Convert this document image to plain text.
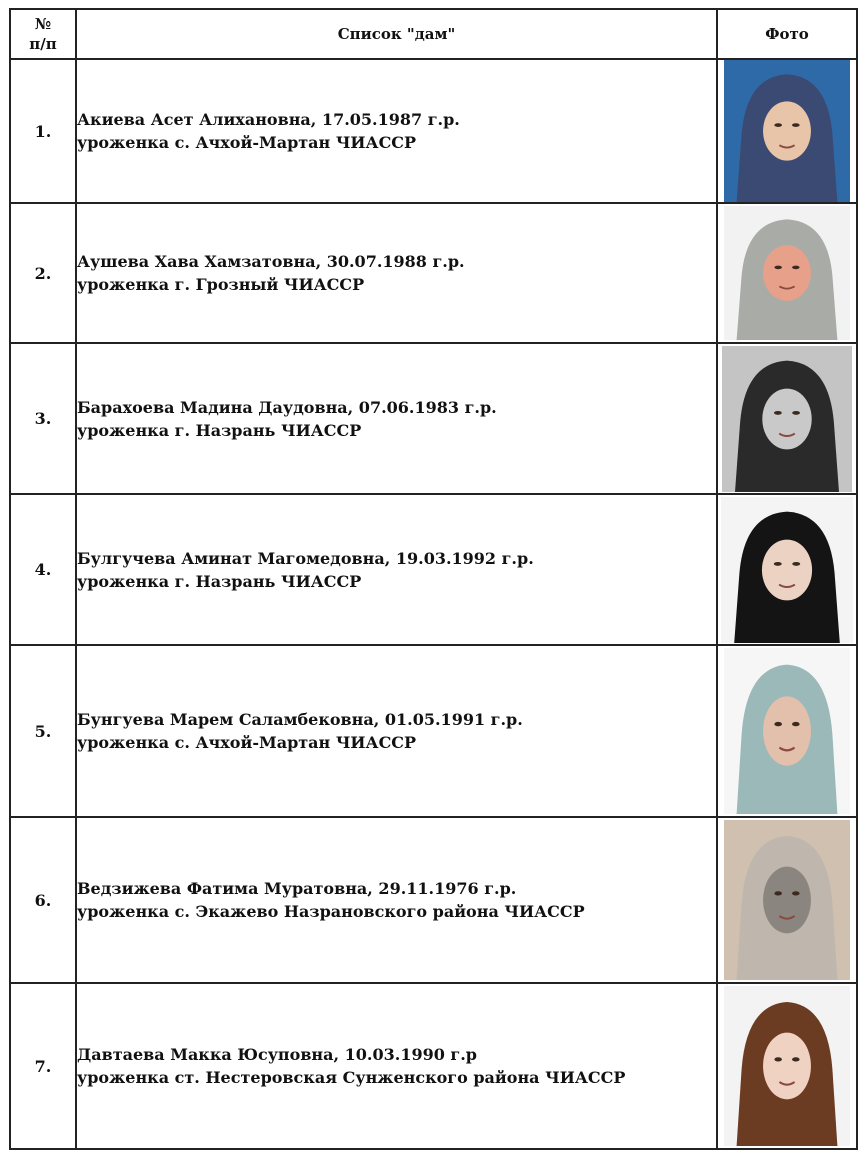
№
п/п	Список "дам"	Фото
1.	Акиева Асет Алихановна, 17.05.1987 г.р.
уроженка с. Ачхой-Мартан ЧИАССР

2.	Аушева Хава Хамзатовна, 30.07.1988 г.р.
уроженка г. Грозный ЧИАССР

3.	Барахоева Мадина Даудовна, 07.06.1983 г.р.
уроженка г. Назрань ЧИАССР

4.	Булгучева Аминат Магомедовна, 19.03.1992 г.р.
уроженка г. Назрань ЧИАССР

5.	Бунгуева Марем Саламбековна, 01.05.1991 г.р.
уроженка с. Ачхой-Мартан ЧИАССР

6.	Ведзижева Фатима Муратовна, 29.11.1976 г.р.
уроженка с. Экажево Назрановского района ЧИАССР

7.	Давтаева Макка Юсуповна, 10.03.1990 г.р
уроженка ст. Нестеровская Сунженского района ЧИАССР
